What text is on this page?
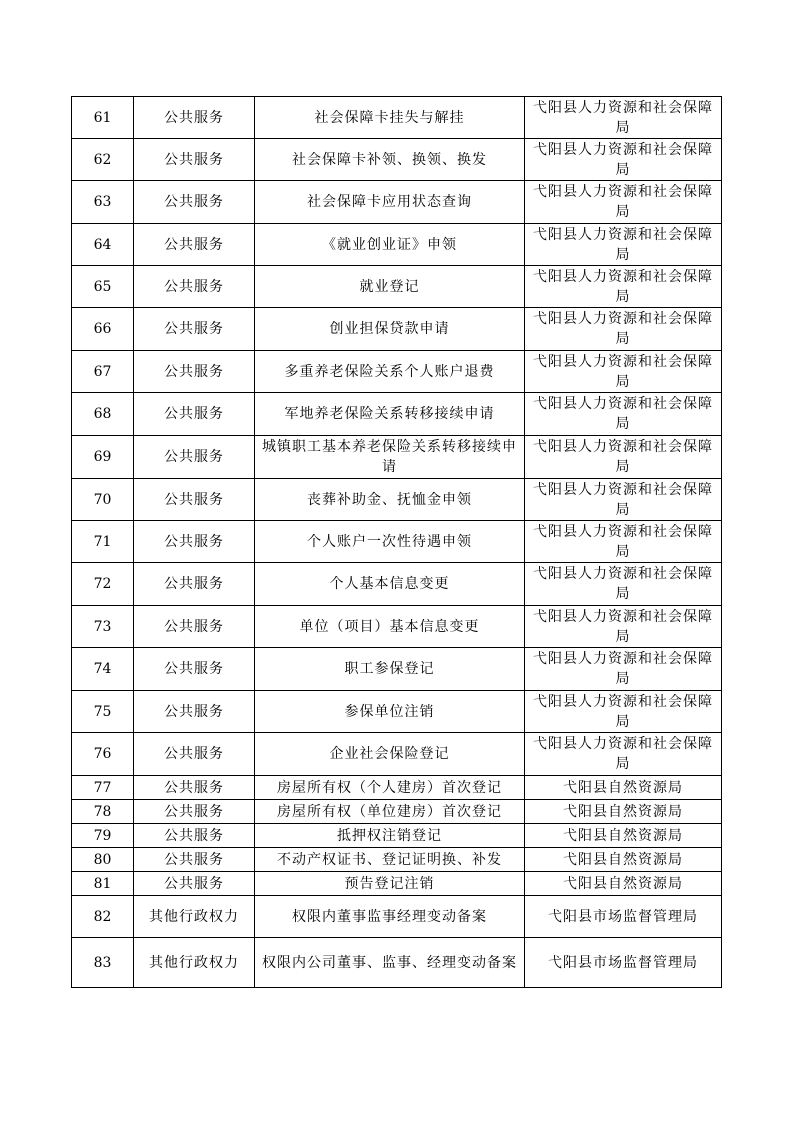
61	公共服务	社会保障卡挂失与解挂	弋阳县人力资源和社会保障局
62	公共服务	社会保障卡补领、换领、换发	弋阳县人力资源和社会保障局
63	公共服务	社会保障卡应用状态查询	弋阳县人力资源和社会保障局
64	公共服务	《就业创业证》申领	弋阳县人力资源和社会保障局
65	公共服务	就业登记	弋阳县人力资源和社会保障局
66	公共服务	创业担保贷款申请	弋阳县人力资源和社会保障局
67	公共服务	多重养老保险关系个人账户退费	弋阳县人力资源和社会保障局
68	公共服务	军地养老保险关系转移接续申请	弋阳县人力资源和社会保障局
69	公共服务	城镇职工基本养老保险关系转移接续申请	弋阳县人力资源和社会保障局
70	公共服务	丧葬补助金、抚恤金申领	弋阳县人力资源和社会保障局
71	公共服务	个人账户一次性待遇申领	弋阳县人力资源和社会保障局
72	公共服务	个人基本信息变更	弋阳县人力资源和社会保障局
73	公共服务	单位（项目）基本信息变更	弋阳县人力资源和社会保障局
74	公共服务	职工参保登记	弋阳县人力资源和社会保障局
75	公共服务	参保单位注销	弋阳县人力资源和社会保障局
76	公共服务	企业社会保险登记	弋阳县人力资源和社会保障局
77	公共服务	房屋所有权（个人建房）首次登记	弋阳县自然资源局
78	公共服务	房屋所有权（单位建房）首次登记	弋阳县自然资源局
79	公共服务	抵押权注销登记	弋阳县自然资源局
80	公共服务	不动产权证书、登记证明换、补发	弋阳县自然资源局
81	公共服务	预告登记注销	弋阳县自然资源局
82	其他行政权力	权限内董事监事经理变动备案	弋阳县市场监督管理局
83	其他行政权力	权限内公司董事、监事、经理变动备案	弋阳县市场监督管理局
